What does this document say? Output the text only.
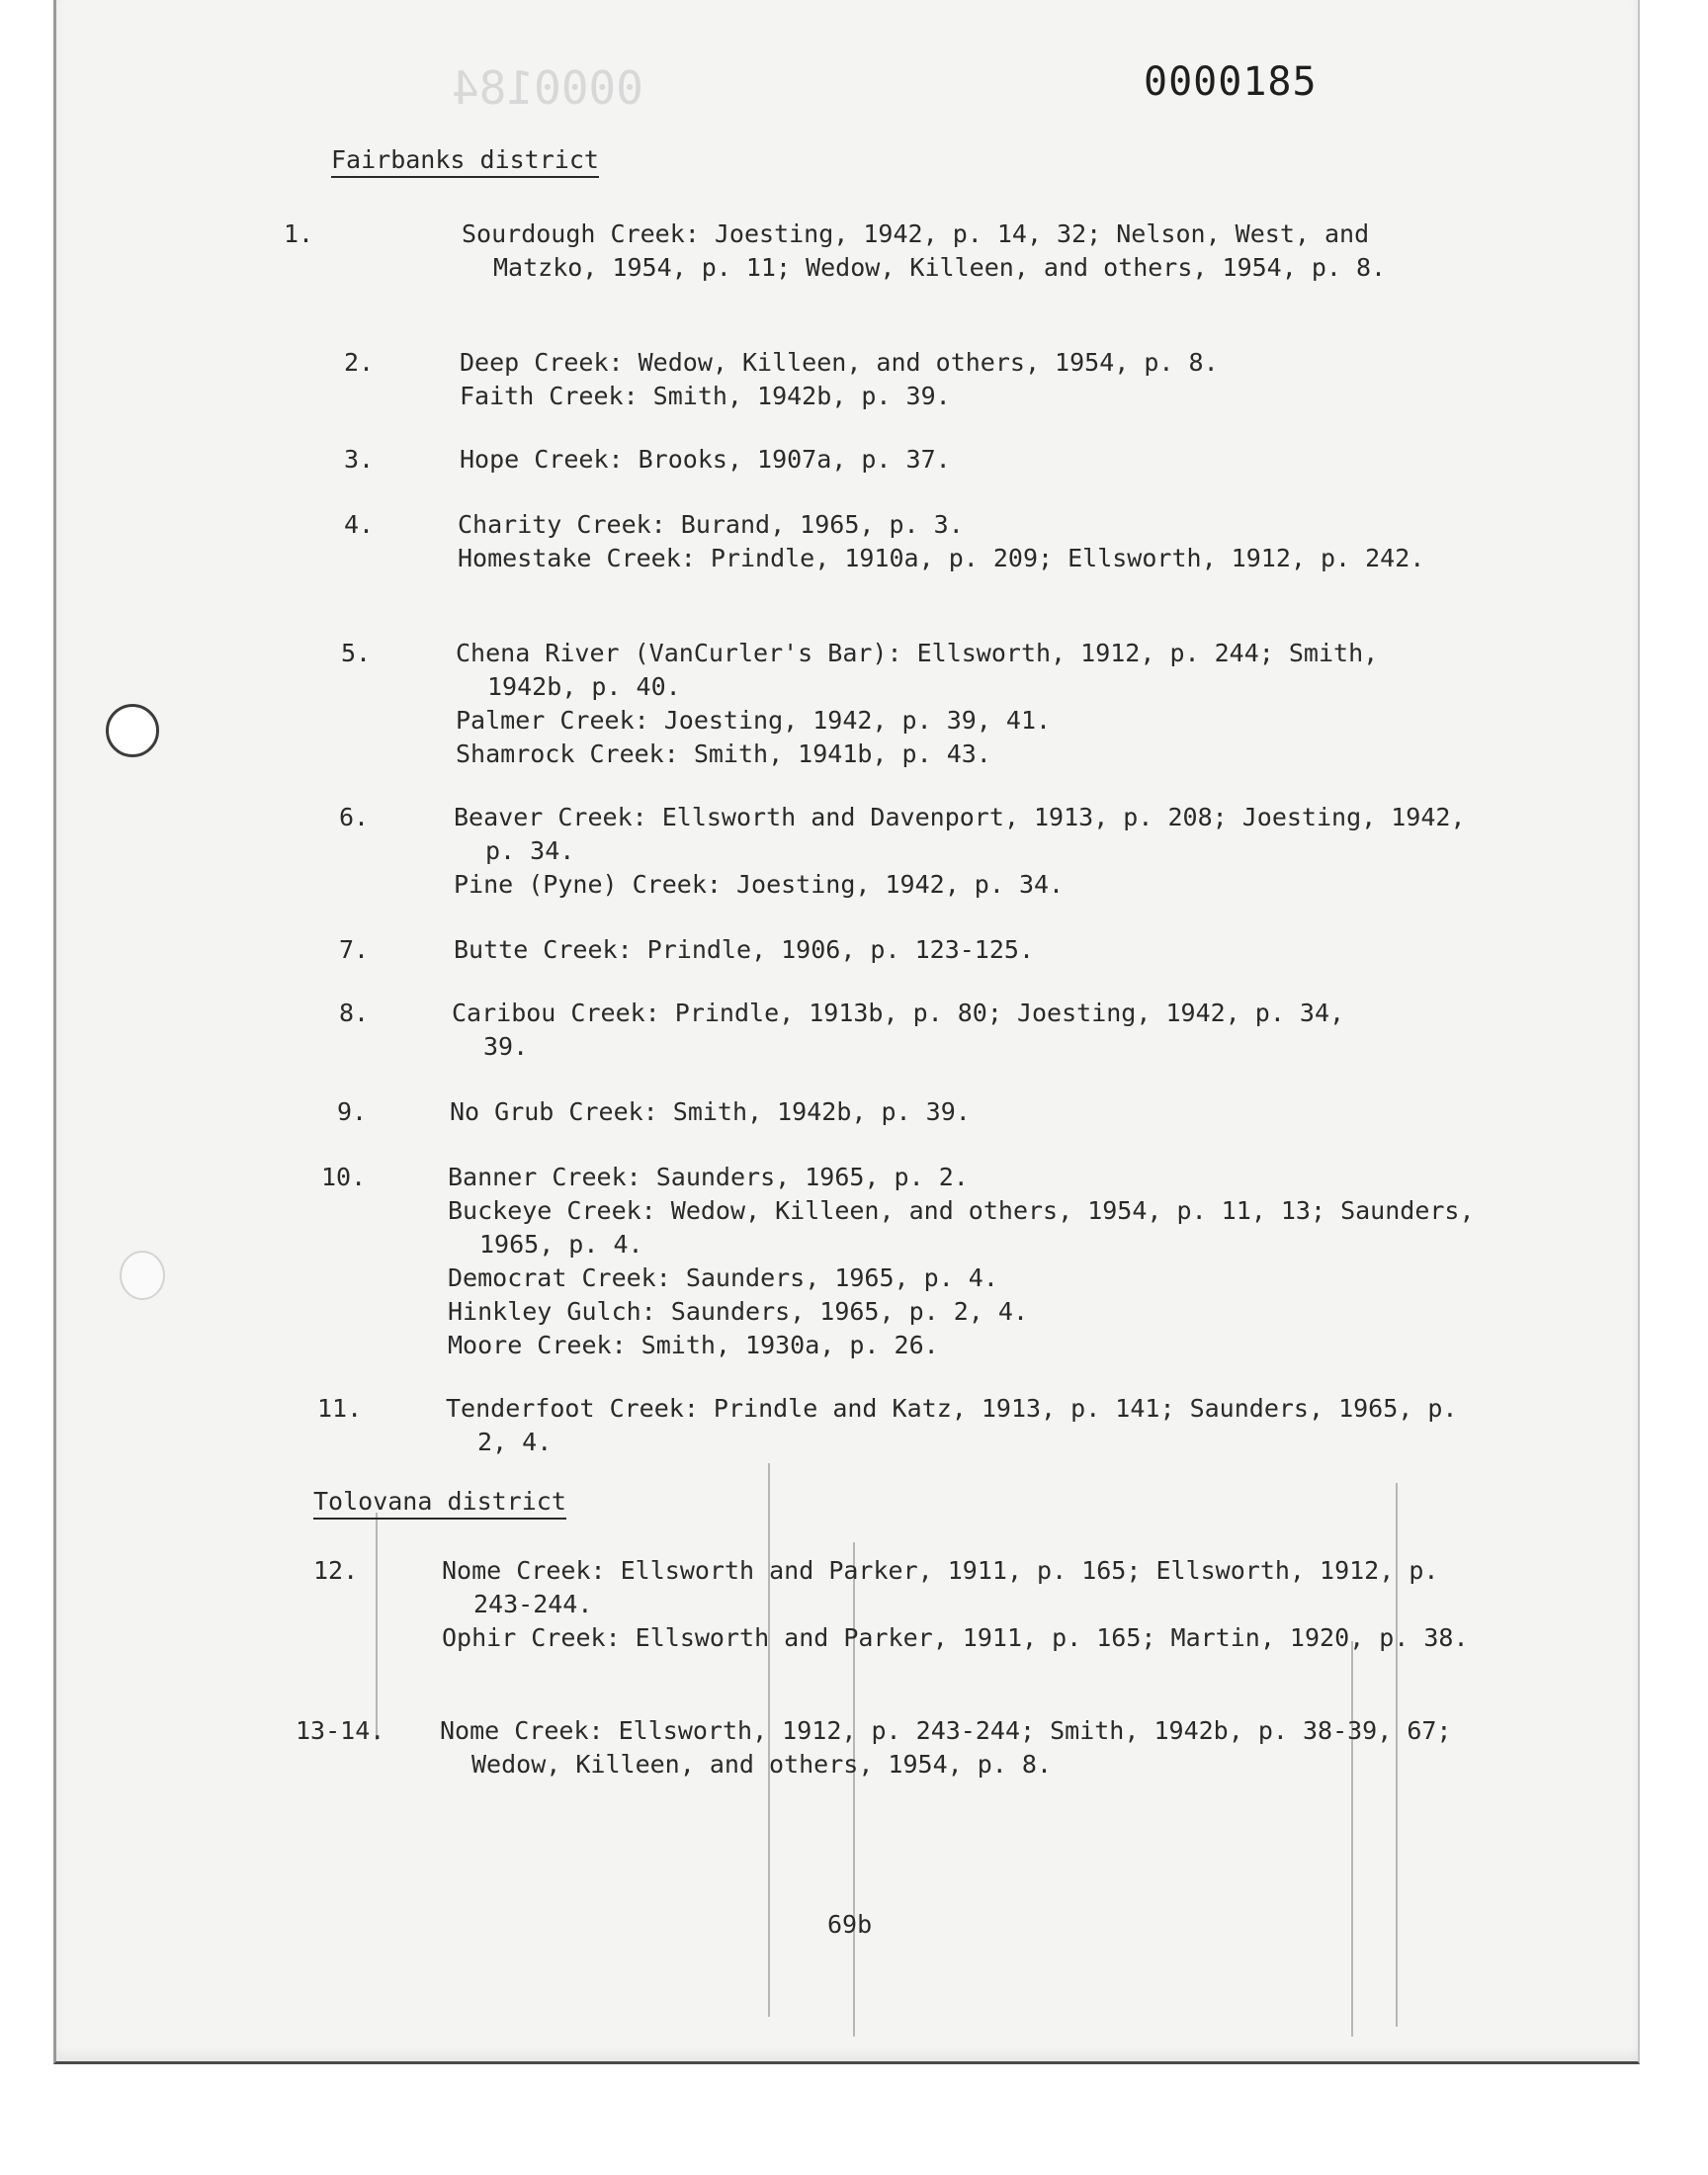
0000184	0000185
Fairbanks district
1.	Sourdough Creek: Joesting, 1942, p. 14, 32; Nelson, West, and Matzko, 1954, p. 11; Wedow, Killeen, and others, 1954, p. 8.
2.	Deep Creek: Wedow, Killeen, and others, 1954, p. 8.
Faith Creek: Smith, 1942b, p. 39.
3.	Hope Creek: Brooks, 1907a, p. 37.
4.	Charity Creek: Burand, 1965, p. 3.
Homestake Creek: Prindle, 1910a, p. 209; Ellsworth, 1912, p. 242.
5.	Chena River (VanCurler's Bar): Ellsworth, 1912, p. 244; Smith, 1942b, p. 40.
Palmer Creek: Joesting, 1942, p. 39, 41.
Shamrock Creek: Smith, 1941b, p. 43.
6.	Beaver Creek: Ellsworth and Davenport, 1913, p. 208; Joesting, 1942, p. 34.
Pine (Pyne) Creek: Joesting, 1942, p. 34.
7.	Butte Creek: Prindle, 1906, p. 123-125.
8.	Caribou Creek: Prindle, 1913b, p. 80; Joesting, 1942, p. 34, 39.
9.	No Grub Creek: Smith, 1942b, p. 39.
10.	Banner Creek: Saunders, 1965, p. 2.
Buckeye Creek: Wedow, Killeen, and others, 1954, p. 11, 13; Saunders, 1965, p. 4.
Democrat Creek: Saunders, 1965, p. 4.
Hinkley Gulch: Saunders, 1965, p. 2, 4.
Moore Creek: Smith, 1930a, p. 26.
11.	Tenderfoot Creek: Prindle and Katz, 1913, p. 141; Saunders, 1965, p. 2, 4.
Tolovana district
12.	Nome Creek: Ellsworth and Parker, 1911, p. 165; Ellsworth, 1912, p. 243-244.
Ophir Creek: Ellsworth and Parker, 1911, p. 165; Martin, 1920, p. 38.
13-14.	Nome Creek: Ellsworth, 1912, p. 243-244; Smith, 1942b, p. 38-39, 67; Wedow, Killeen, and others, 1954, p. 8.
69b
